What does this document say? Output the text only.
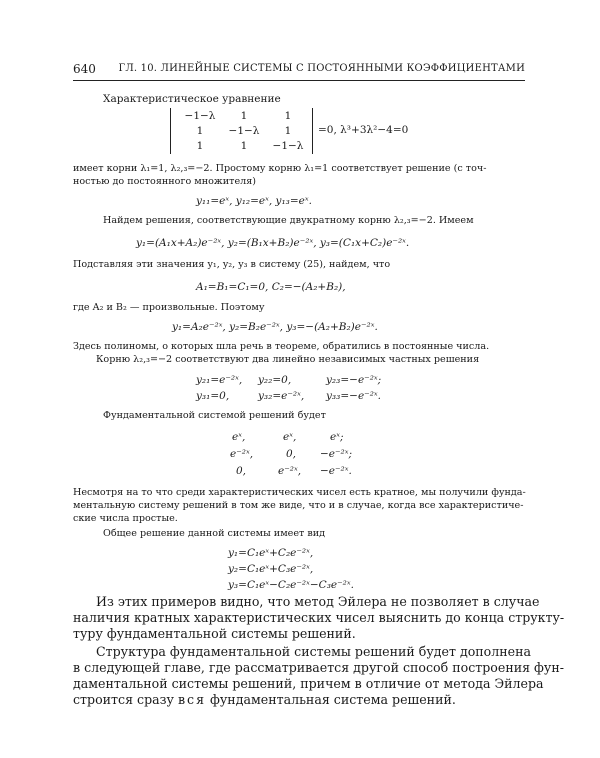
640 ГЛ. 10. ЛИНЕЙНЫЕ СИСТЕМЫ С ПОСТОЯННЫМИ КОЭФФИЦИЕНТАМИ
Характеристическое уравнение
−1−λ	1	1
1	−1−λ	1
1	1	−1−λ
=0, λ³+3λ²−4=0
имеет корни λ₁=1, λ₂,₃=−2. Простому корню λ₁=1 соответствует решение (с точ-
ностью до постоянного множителя)
y₁₁=eˣ, y₁₂=eˣ, y₁₃=eˣ.
Найдем решения, соответствующие двукратному корню λ₂,₃=−2. Имеем
y₁=(A₁x+A₂)e⁻²ˣ, y₂=(B₁x+B₂)e⁻²ˣ, y₃=(C₁x+C₂)e⁻²ˣ.
Подставляя эти значения y₁, y₂, y₃ в систему (25), найдем, что
A₁=B₁=C₁=0, C₂=−(A₂+B₂),
где A₂ и B₂ — произвольные. Поэтому
y₁=A₂e⁻²ˣ, y₂=B₂e⁻²ˣ, y₃=−(A₂+B₂)e⁻²ˣ.
Здесь полиномы, о которых шла речь в теореме, обратились в постоянные числа.
Корню λ₂,₃=−2 соответствуют два линейно независимых частных решения
y₂₁=e⁻²ˣ, y₂₂=0,	y₂₃=−e⁻²ˣ;
y₃₁=0,	y₃₂=e⁻²ˣ, y₃₃=−e⁻²ˣ.
Фундаментальной системой решений будет
eˣ,	eˣ,	eˣ;
e⁻²ˣ,	0, −e⁻²ˣ;
0,	e⁻²ˣ, −e⁻²ˣ.
Несмотря на то что среди характеристических чисел есть кратное, мы получили фунда-
ментальную систему решений в том же виде, что и в случае, когда все характеристиче-
ские числа простые.
Общее решение данной системы имеет вид
y₁=C₁eˣ+C₂e⁻²ˣ,
y₂=C₁eˣ+C₃e⁻²ˣ,
y₃=C₁eˣ−C₂e⁻²ˣ−C₃e⁻²ˣ.
Из этих примеров видно, что метод Эйлера не позволяет в случае
наличия кратных характеристических чисел выяснить до конца структу-
туру фундаментальной системы решений.
Структура фундаментальной системы решений будет дополнена
в следующей главе, где рассматривается другой способ построения фун-
даментальной системы решений, причем в отличие от метода Эйлера
строится сразу вся фундаментальная система решений.
